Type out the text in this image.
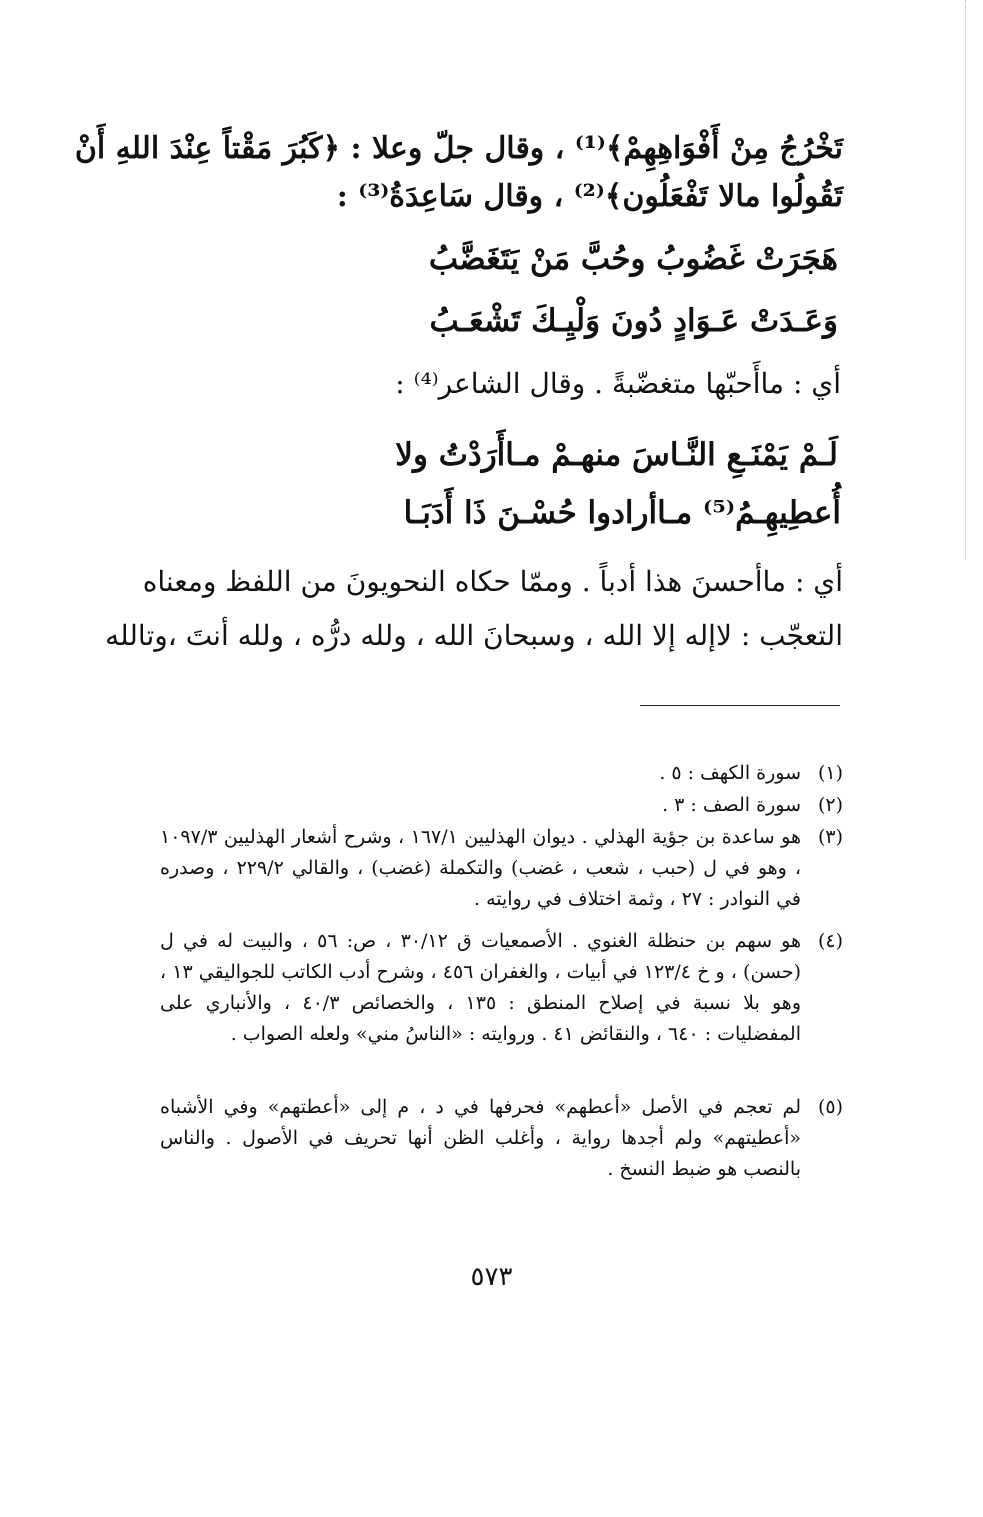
تَخْرُجُ مِنْ أَفْوَاهِهِمْ﴾⁽¹⁾ ، وقال جلّ وعلا : ﴿كَبُرَ مَقْتاً عِنْدَ اللهِ أَنْ
تَقُولُوا مالا تَفْعَلُون﴾⁽²⁾ ، وقال سَاعِدَةُ⁽³⁾ :
هَجَرَتْ غَضُوبُ وحُبَّ مَنْ يَتَغَضَّبُ
وَعَـدَتْ عَـوَادٍ دُونَ وَلْيِـكَ تَشْعَـبُ
أي : ماأَحبّها متغضّبةً . وقال الشاعر⁽⁴⁾ :
لَـمْ يَمْنَـعِ النَّـاسَ منهـمْ مـاأَرَدْتُ ولا
أُعطِيهِـمُ⁽⁵⁾ مـاأرادوا حُسْـنَ ذَا أَدَبَـا
أي : ماأحسنَ هذا أدباً . وممّا حكاه النحويونَ من اللفظ ومعناه
التعجّب : لاإله إلا الله ، وسبحانَ الله ، ولله درُّه ، ولله أنتَ ،وتالله
(١)
سورة الكهف : ٥ .
(٢)
سورة الصف : ٣ .
(٣)
هو ساعدة بن جؤية الهذلي . ديوان الهذليين ١٦٧/١ ، وشرح أشعار الهذليين ١٠٩٧/٣ ، وهو في ل (حبب ، شعب ، غضب) والتكملة (غضب) ، والقالي ٢٢٩/٢ ، وصدره في النوادر : ٢٧ ، وثمة اختلاف في روايته .
(٤)
هو سهم بن حنظلة الغنوي . الأصمعيات ق ٣٠/١٢ ، ص: ٥٦ ، والبيت له في ل (حسن) ، و خ ١٢٣/٤ في أبيات ، والغفران ٤٥٦ ، وشرح أدب الكاتب للجواليقي ١٣ ، وهو بلا نسبة في إصلاح المنطق : ١٣٥ ، والخصائص ٤٠/٣ ، والأنباري على المفضليات : ٦٤٠ ، والنقائض ٤١ . وروايته : «الناسُ مني» ولعله الصواب .
(٥)
لم تعجم في الأصل «أعطهم» فحرفها في د ، م إلى «أعطتهم» وفي الأشباه «أعطيتهم» ولم أجدها رواية ، وأغلب الظن أنها تحريف في الأصول . والناس بالنصب هو ضبط النسخ .
٥٧٣
